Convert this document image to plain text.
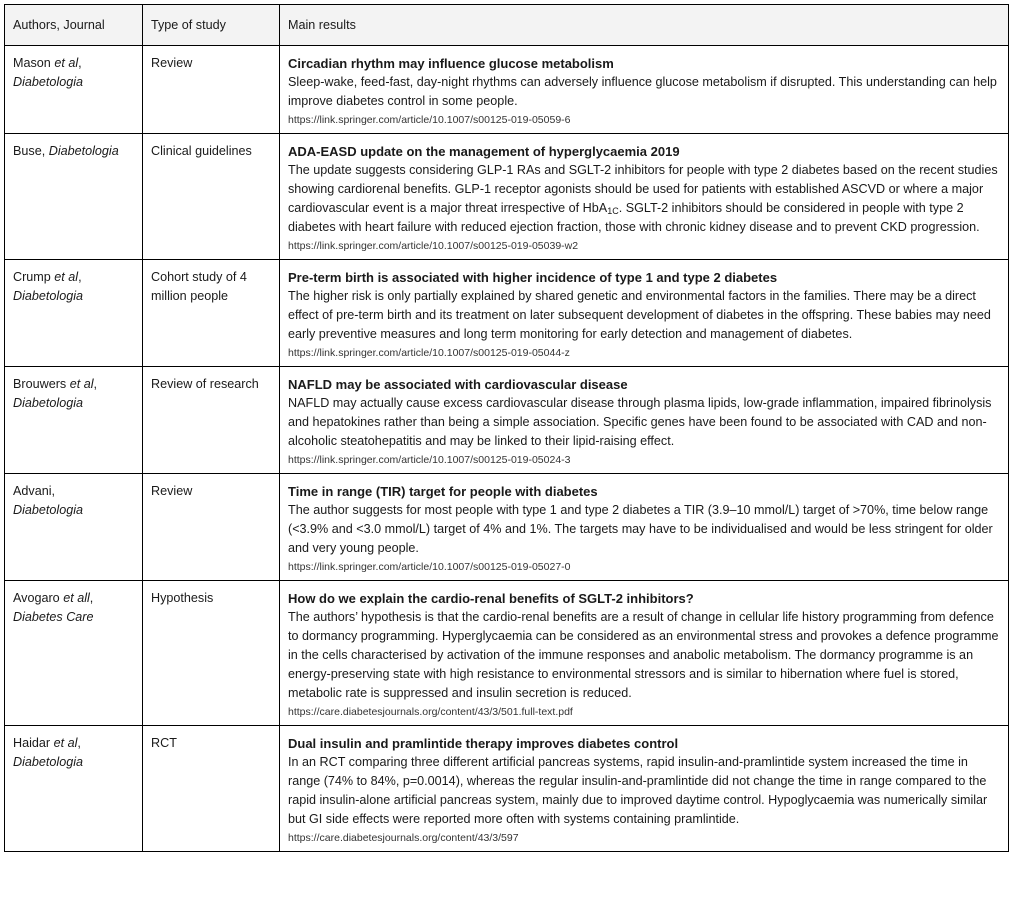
Authors, Journal	Type of study	Main results
Mason et al,
Diabetologia	Review	Circadian rhythm may influence glucose metabolism
Sleep-wake, feed-fast, day-night rhythms can adversely influence glucose metabolism if disrupted. This understanding can help improve diabetes control in some people.
https://link.springer.com/article/10.1007/s00125-019-05059-6

Buse, Diabetologia	Clinical guidelines	ADA-EASD update on the management of hyperglycaemia 2019
The update suggests considering GLP-1 RAs and SGLT-2 inhibitors for people with type 2 diabetes based on the recent studies showing cardiorenal benefits. GLP-1 receptor agonists should be used for patients with established ASCVD or where a major cardiovascular event is a major threat irrespective of HbA$_{1C}$. SGLT-2 inhibitors should be considered in people with type 2 diabetes with heart failure with reduced ejection fraction, those with chronic kidney disease and to prevent CKD progression.
https://link.springer.com/article/10.1007/s00125-019-05039-w2

Crump et al,
Diabetologia	Cohort study of 4 million people	Pre-term birth is associated with higher incidence of type 1 and type 2 diabetes
The higher risk is only partially explained by shared genetic and environmental factors in the families. There may be a direct effect of pre-term birth and its treatment on later subsequent development of diabetes in the offspring. These babies may need early preventive measures and long term monitoring for early detection and management of diabetes.
https://link.springer.com/article/10.1007/s00125-019-05044-z

Brouwers et al,
Diabetologia	Review of research	NAFLD may be associated with cardiovascular disease
NAFLD may actually cause excess cardiovascular disease through plasma lipids, low-grade inflammation, impaired fibrinolysis and hepatokines rather than being a simple association. Specific genes have been found to be associated with CAD and non-alcoholic steatohepatitis and may be linked to their lipid-raising effect.
https://link.springer.com/article/10.1007/s00125-019-05024-3

Advani,
Diabetologia	Review	Time in range (TIR) target for people with diabetes
The author suggests for most people with type 1 and type 2 diabetes a TIR (3.9–10 mmol/L) target of >70%, time below range (<3.9% and <3.0 mmol/L) target of 4% and 1%. The targets may have to be individualised and would be less stringent for older and very young people.
https://link.springer.com/article/10.1007/s00125-019-05027-0

Avogaro et all,
Diabetes Care	Hypothesis	How do we explain the cardio-renal benefits of SGLT-2 inhibitors?
The authors’ hypothesis is that the cardio-renal benefits are a result of change in cellular life history programming from defence to dormancy programming. Hyperglycaemia can be considered as an environmental stress and provokes a defence programme in the cells characterised by activation of the immune responses and anabolic metabolism. The dormancy programme is an energy-preserving state with high resistance to environmental stressors and is similar to hibernation where fuel is stored, metabolic rate is suppressed and insulin secretion is reduced.
https://care.diabetesjournals.org/content/43/3/501.full-text.pdf

Haidar et al,
Diabetologia	RCT	Dual insulin and pramlintide therapy improves diabetes control
In an RCT comparing three different artificial pancreas systems, rapid insulin-and-pramlintide system increased the time in range (74% to 84%, p=0.0014), whereas the regular insulin-and-pramlintide did not change the time in range compared to the rapid insulin-alone artificial pancreas system, mainly due to improved daytime control. Hypoglycaemia was numerically similar but GI side effects were reported more often with systems containing pramlintide.
https://care.diabetesjournals.org/content/43/3/597
